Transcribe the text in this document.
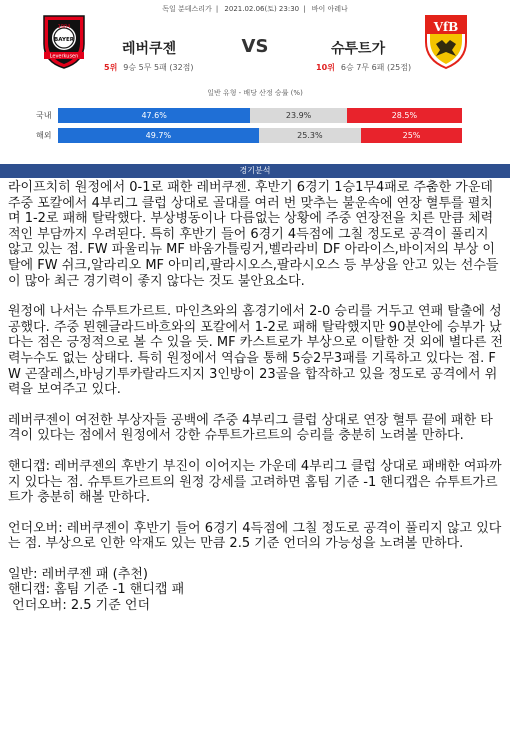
독일 분데스리가 | 2021.02.06(토) 23:30 | 바이 아레나
1904
BAYER
Leverkusen
VfB
레버쿠젠	VS	슈투트가
5위 9승 5무 5패 (32점)	10위 6승 7무 6패 (25점)
일반 유형 - 배당 산정 승률 (%)
국내	47.6%	23.9%	28.5%
해외	49.7%	25.3%	25%
경기분석

라이프치히 원정에서 0-1로 패한 레버쿠젠. 후반기 6경기 1승1무4패로 주춤한 가운데 주중 포칼에서 4부리그 클럽 상대로 골대를 여러 번 맞추는 불운속에 연장 혈투를 펼치며 1-2로 패해 탈락했다. 부상병동이나 다름없는 상황에 주중 연장전을 치른 만큼 체력적인 부담까지 우려된다. 특히 후반기 들어 6경기 4득점에 그칠 정도로 공격이 풀리지 않고 있는 점. FW 파울리뉴 MF 바움가틀링거,벨라라비 DF 아라이스,바이저의 부상 이탈에 FW 쉬크,알라리오 MF 아미리,팔라시오스,팔라시오스 등 부상을 안고 있는 선수들이 많아 최근 경기력이 좋지 않다는 것도 불안요소다.

원정에 나서는 슈투트가르트. 마인츠와의 홈경기에서 2-0 승리를 거두고 연패 탈출에 성공했다. 주중 묀헨글라드바흐와의 포칼에서 1-2로 패해 탈락했지만 90분안에 승부가 났다는 점은 긍정적으로 볼 수 있을 듯. MF 카스트로가 부상으로 이탈한 것 외에 별다른 전력누수도 없는 상태다. 특히 원정에서 역습을 통해 5승2무3패를 기록하고 있다는 점. FW 곤잘레스,바닝기투카랄라드지지 3인방이 23골을 합작하고 있을 정도로 공격에서 위력을 보여주고 있다.

레버쿠젠이 여전한 부상자들 공백에 주중 4부리그 클럽 상대로 연장 혈투 끝에 패한 타격이 있다는 점에서 원정에서 강한 슈투트가르트의 승리를 충분히 노려볼 만하다.

핸디캡: 레버쿠젠의 후반기 부진이 이어지는 가운데 4부리그 클럽 상대로 패배한 여파까지 있다는 점. 슈투트가르트의 원정 강세를 고려하면 홈팀 기준 -1 핸디캡은 슈투트가르트가 충분히 해볼 만하다.

언더오버: 레버쿠젠이 후반기 들어 6경기 4득점에 그칠 정도로 공격이 풀리지 않고 있다는 점. 부상으로 인한 악재도 있는 만큼 2.5 기준 언더의 가능성을 노려볼 만하다.

일반: 레버쿠젠 패 (추천)

핸디캡: 홈팀 기준 -1 핸디캡 패

언더오버: 2.5 기준 언더
